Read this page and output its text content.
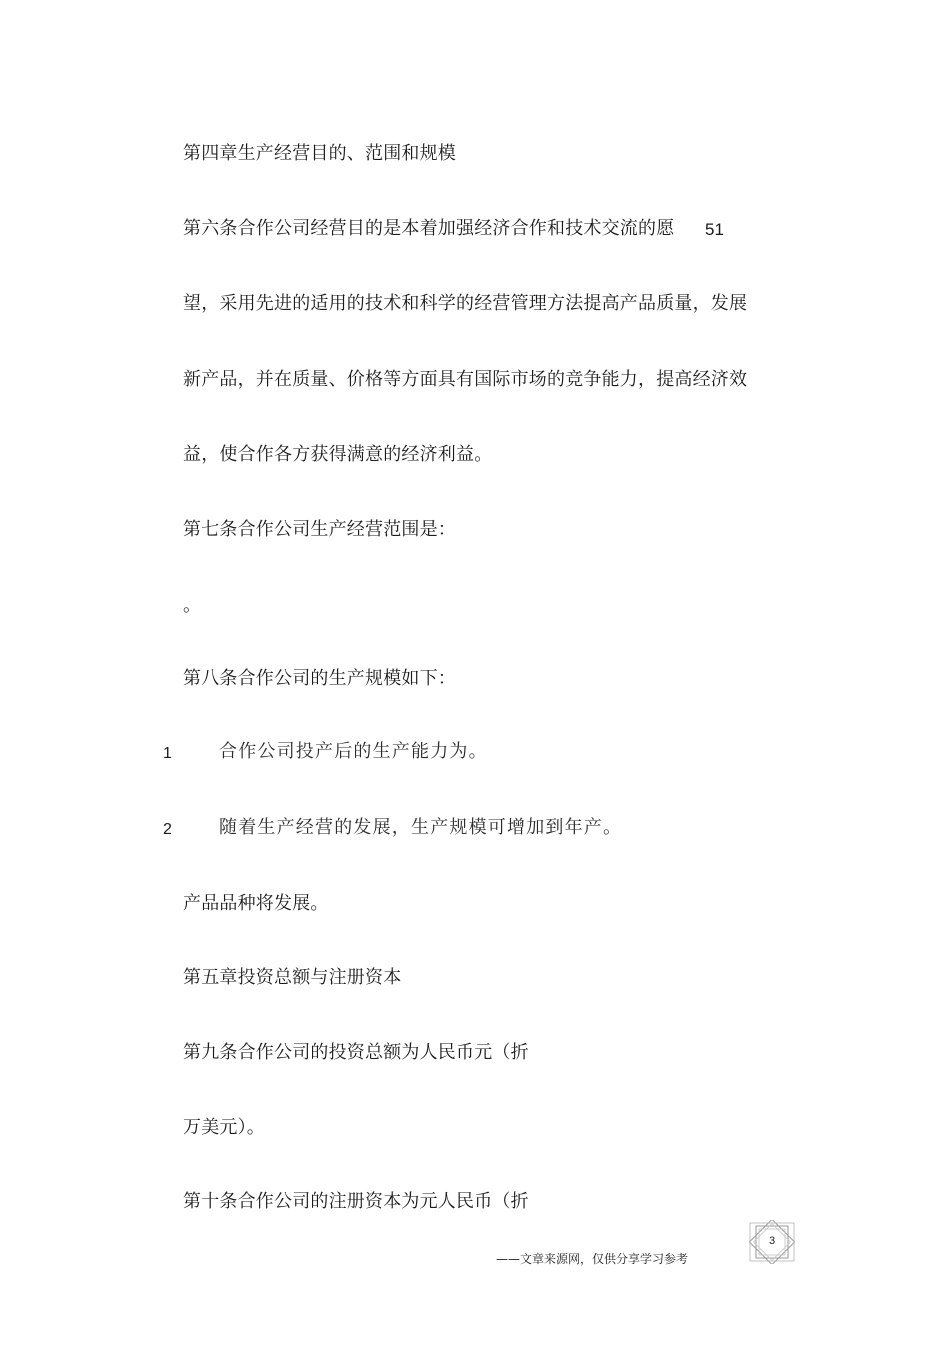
第四章生产经营目的、范围和规模
第六条合作公司经营目的是本着加强经济合作和技术交流的愿 51
望，采用先进的适用的技术和科学的经营管理方法提高产品质量，发展
新产品，并在质量、价格等方面具有国际市场的竞争能力，提高经济效
益，使合作各方获得满意的经济利益。
第七条合作公司生产经营范围是：
。
第八条合作公司的生产规模如下：
1	合作公司投产后的生产能力为。
2	随着生产经营的发展，生产规模可增加到年产。
产品品种将发展。
第五章投资总额与注册资本
第九条合作公司的投资总额为人民币元（折
万美元）。
第十条合作公司的注册资本为元人民币（折
3
——文章来源网，仅供分享学习参考
